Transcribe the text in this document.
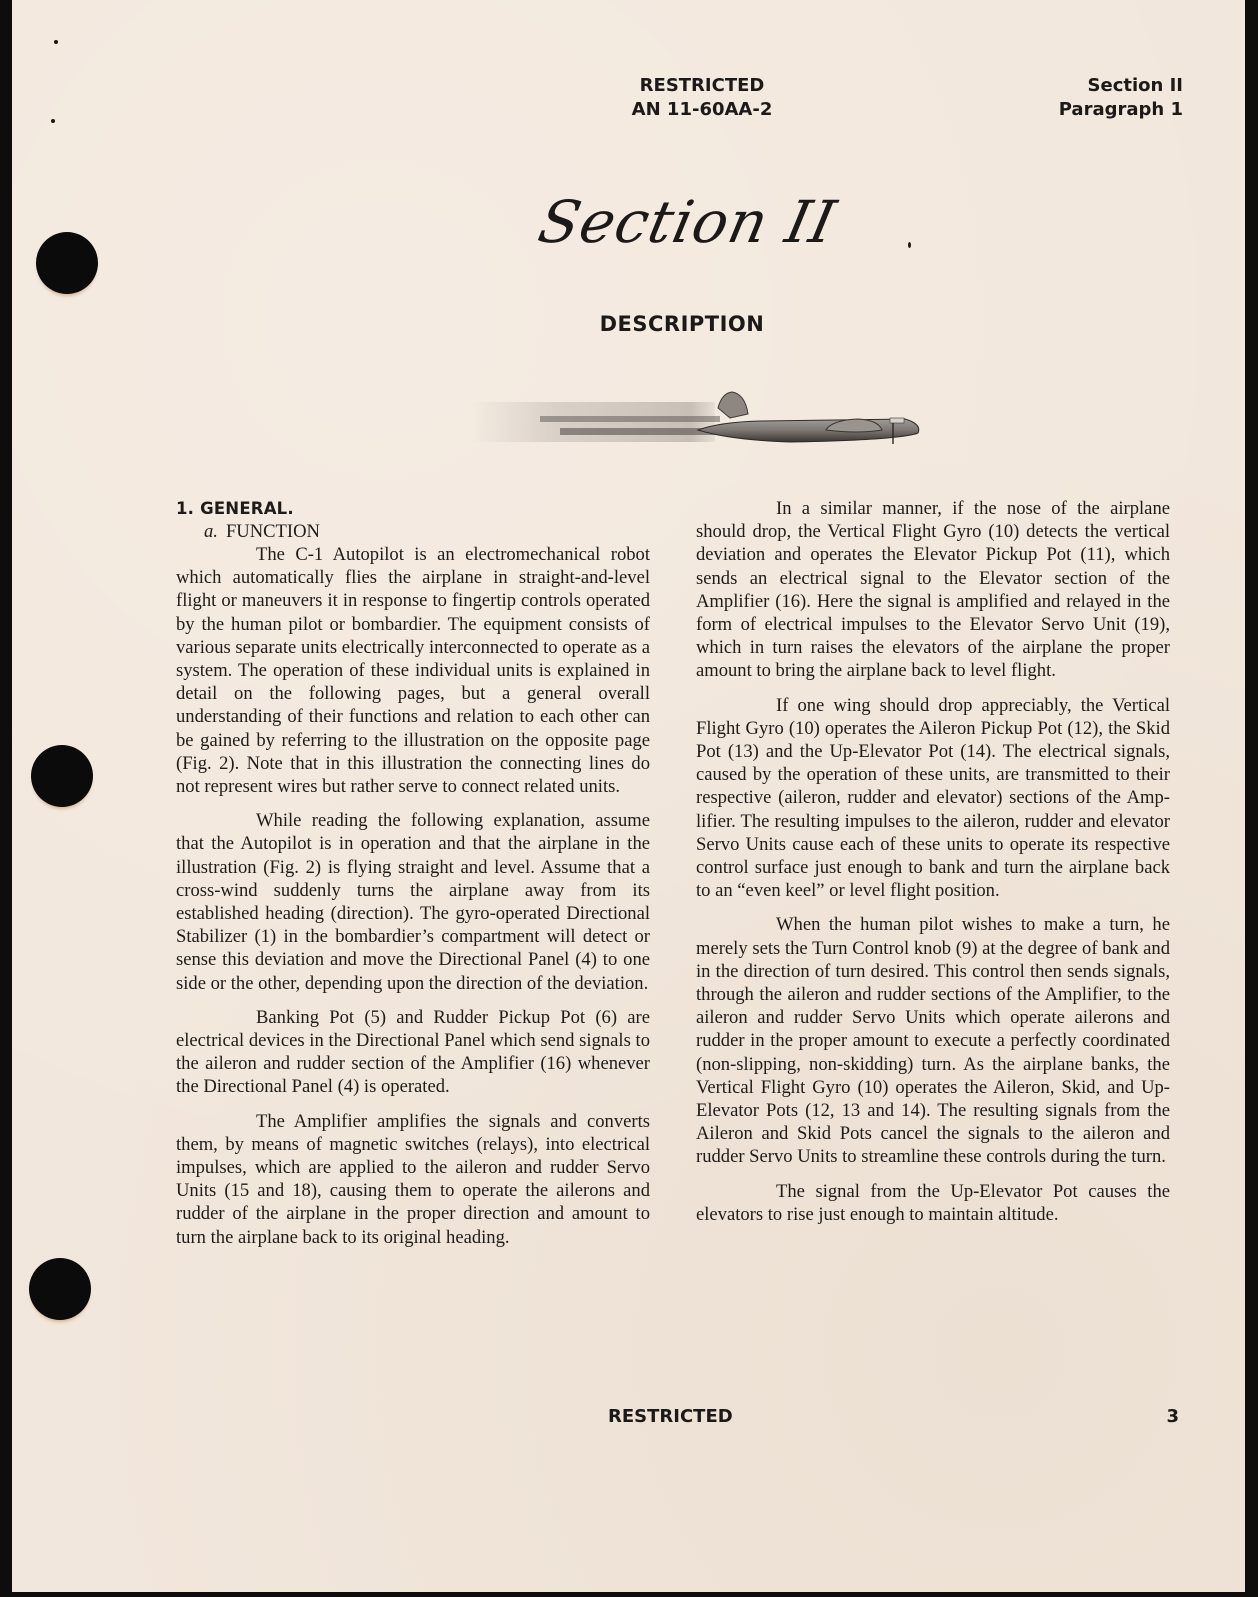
RESTRICTED
AN 11-60AA-2
Section II
Paragraph 1
Section II
DESCRIPTION
1. GENERAL.
a. FUNCTION

The C-1 Autopilot is an electromechanical robot which automatically flies the airplane in straight-and-level flight or maneuvers it in response to fingertip controls operated by the human pilot or bombardier. The equipment consists of various separate units electrically interconnected to operate as a system. The operation of these individual units is explained in detail on the following pages, but a general overall understanding of their functions and relation to each other can be gained by referring to the illustration on the opposite page (Fig. 2). Note that in this illustration the connecting lines do not represent wires but rather serve to connect related units.

While reading the following explanation, assume that the Autopilot is in operation and that the airplane in the illustration (Fig. 2) is flying straight and level. Assume that a cross-wind suddenly turns the airplane away from its established heading (direction). The gyro-operated Directional Stabilizer (1) in the bombardier’s compartment will detect or sense this deviation and move the Directional Panel (4) to one side or the other, depending upon the direction of the deviation.

Banking Pot (5) and Rudder Pickup Pot (6) are electrical devices in the Directional Panel which send signals to the aileron and rudder section of the Amplifier (16) whenever the Directional Panel (4) is operated.

The Amplifier amplifies the signals and converts them, by means of magnetic switches (relays), into electrical impulses, which are applied to the aileron and rudder Servo Units (15 and 18), causing them to operate the ailerons and rudder of the airplane in the proper direction and amount to turn the airplane back to its original heading.

In a similar manner, if the nose of the airplane should drop, the Vertical Flight Gyro (10) detects the vertical deviation and operates the Elevator Pickup Pot (11), which sends an electrical signal to the Elevator section of the Amplifier (16). Here the signal is amplified and relayed in the form of electrical impulses to the Elevator Servo Unit (19), which in turn raises the elevators of the airplane the proper amount to bring the airplane back to level flight.

If one wing should drop appreciably, the Vertical Flight Gyro (10) operates the Aileron Pickup Pot (12), the Skid Pot (13) and the Up-Elevator Pot (14). The electrical signals, caused by the operation of these units, are transmitted to their respective (aileron, rudder and elevator) sections of the Amplifier. The resulting impulses to the aileron, rudder and elevator Servo Units cause each of these units to operate its respective control surface just enough to bank and turn the airplane back to an “even keel” or level flight position.

When the human pilot wishes to make a turn, he merely sets the Turn Control knob (9) at the degree of bank and in the direction of turn desired. This control then sends signals, through the aileron and rudder sections of the Amplifier, to the aileron and rudder Servo Units which operate ailerons and rudder in the proper amount to execute a perfectly coordinated (non-slipping, non-skidding) turn. As the airplane banks, the Vertical Flight Gyro (10) operates the Aileron, Skid, and Up-Elevator Pots (12, 13 and 14). The resulting signals from the Aileron and Skid Pots cancel the signals to the aileron and rudder Servo Units to streamline these controls during the turn.

The signal from the Up-Elevator Pot causes the elevators to rise just enough to maintain altitude.

RESTRICTED	3
